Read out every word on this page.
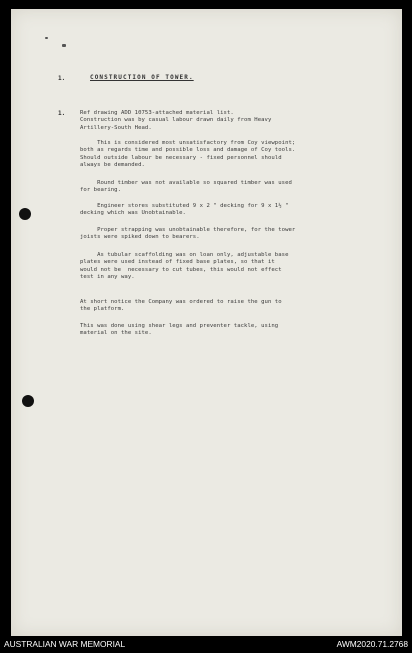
1.	CONSTRUCTION OF TOWER.
1.	Ref drawing ADD 10753-attached material list.
Construction was by casual labour drawn daily from Heavy
Artillery-South Head.
This is considered most unsatisfactory from Coy viewpoint;
both as regards time and possible loss and damage of Coy tools.
Should outside labour be necessary - fixed personnel should
always be demanded.
Round timber was not available so squared timber was used
for bearing.
Engineer stores substituted 9 x 2 " decking for 9 x 1½ "
decking which was Unobtainable.
Proper strapping was unobtainable therefore, for the tower
joists were spiked down to bearers.
As tubular scaffolding was on loan only, adjustable base
plates were used instead of fixed base plates, so that it
would not be  necessary to cut tubes, this would not effect
test in any way.
At short notice the Company was ordered to raise the gun to
the platform.
This was done using shear legs and preventer tackle, using
material on the site.
AUSTRALIAN WAR MEMORIAL	AWM2020.71.2768
